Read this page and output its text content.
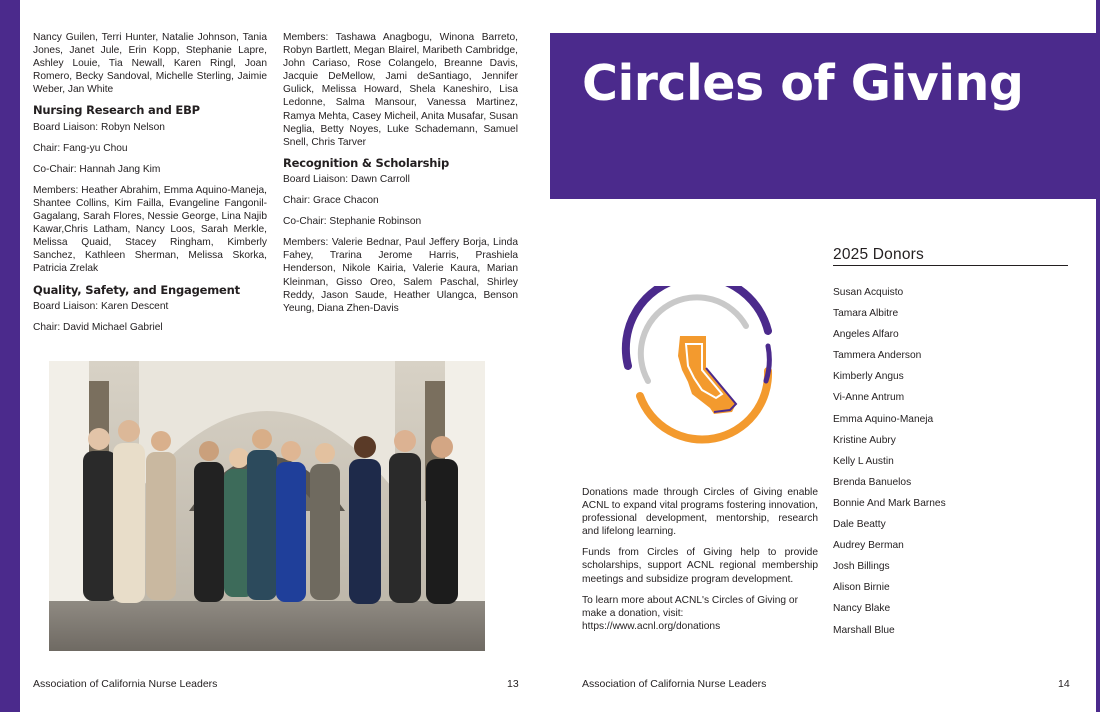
Nancy Guilen, Terri Hunter, Natalie Johnson, Tania Jones, Janet Jule, Erin Kopp, Stephanie Lapre, Ashley Louie, Tia Newall, Karen Ringl, Joan Romero, Becky Sandoval, Michelle Sterling, Jaimie Weber, Jan White

Nursing Research and EBP

Board Liaison: Robyn Nelson

Chair: Fang-yu Chou

Co-Chair: Hannah Jang Kim

Members: Heather Abrahim, Emma Aquino-Maneja, Shantee Collins, Kim Failla, Evangeline Fangonil-Gagalang, Sarah Flores, Nessie George, Lina Najib Kawar,Chris Latham, Nancy Loos, Sarah Merkle, Melissa Quaid, Stacey Ringham, Kimberly Sanchez, Kathleen Sherman, Melissa Skorka, Patricia Zrelak

Quality, Safety, and Engagement

Board Liaison: Karen Descent

Chair: David Michael Gabriel

Members: Tashawa Anagbogu, Winona Barreto, Robyn Bartlett, Megan Blairel, Maribeth Cambridge, John Cariaso, Rose Colangelo, Breanne Davis, Jacquie DeMellow, Jami deSantiago, Jennifer Gulick, Melissa Howard, Shela Kaneshiro, Lisa Ledonne, Salma Mansour, Vanessa Martinez, Ramya Mehta, Casey Micheil, Anita Musafar, Susan Neglia, Betty Noyes, Luke Schademann, Samuel Snell, Chris Tarver

Recognition & Scholarship

Board Liaison: Dawn Carroll

Chair: Grace Chacon

Co-Chair: Stephanie Robinson

Members: Valerie Bednar, Paul Jeffery Borja, Linda Fahey, Trarina Jerome Harris, Prashiela Henderson, Nikole Kairia, Valerie Kaura, Marian Kleinman, Gisso Oreo, Salem Paschal, Shirley Reddy, Jason Saude, Heather Ulangca, Benson Yeung, Diana Zhen-Davis

Association of California Nurse Leaders	13
Circles of Giving

Donations made through Circles of Giving enable ACNL to expand vital programs fostering innovation, professional development, mentorship, research and lifelong learning.

Funds from Circles of Giving help to provide scholarships, support ACNL regional membership meetings and subsidize program development.

To learn more about ACNL's Circles of Giving or make a donation, visit: https://www.acnl.org/donations

2025 Donors
Susan Acquisto
Tamara Albitre
Angeles Alfaro
Tammera Anderson
Kimberly Angus
Vi-Anne Antrum
Emma Aquino-Maneja
Kristine Aubry
Kelly L Austin
Brenda Banuelos
Bonnie And Mark Barnes
Dale Beatty
Audrey Berman
Josh Billings
Alison Birnie
Nancy Blake
Marshall Blue
Association of California Nurse Leaders	14
